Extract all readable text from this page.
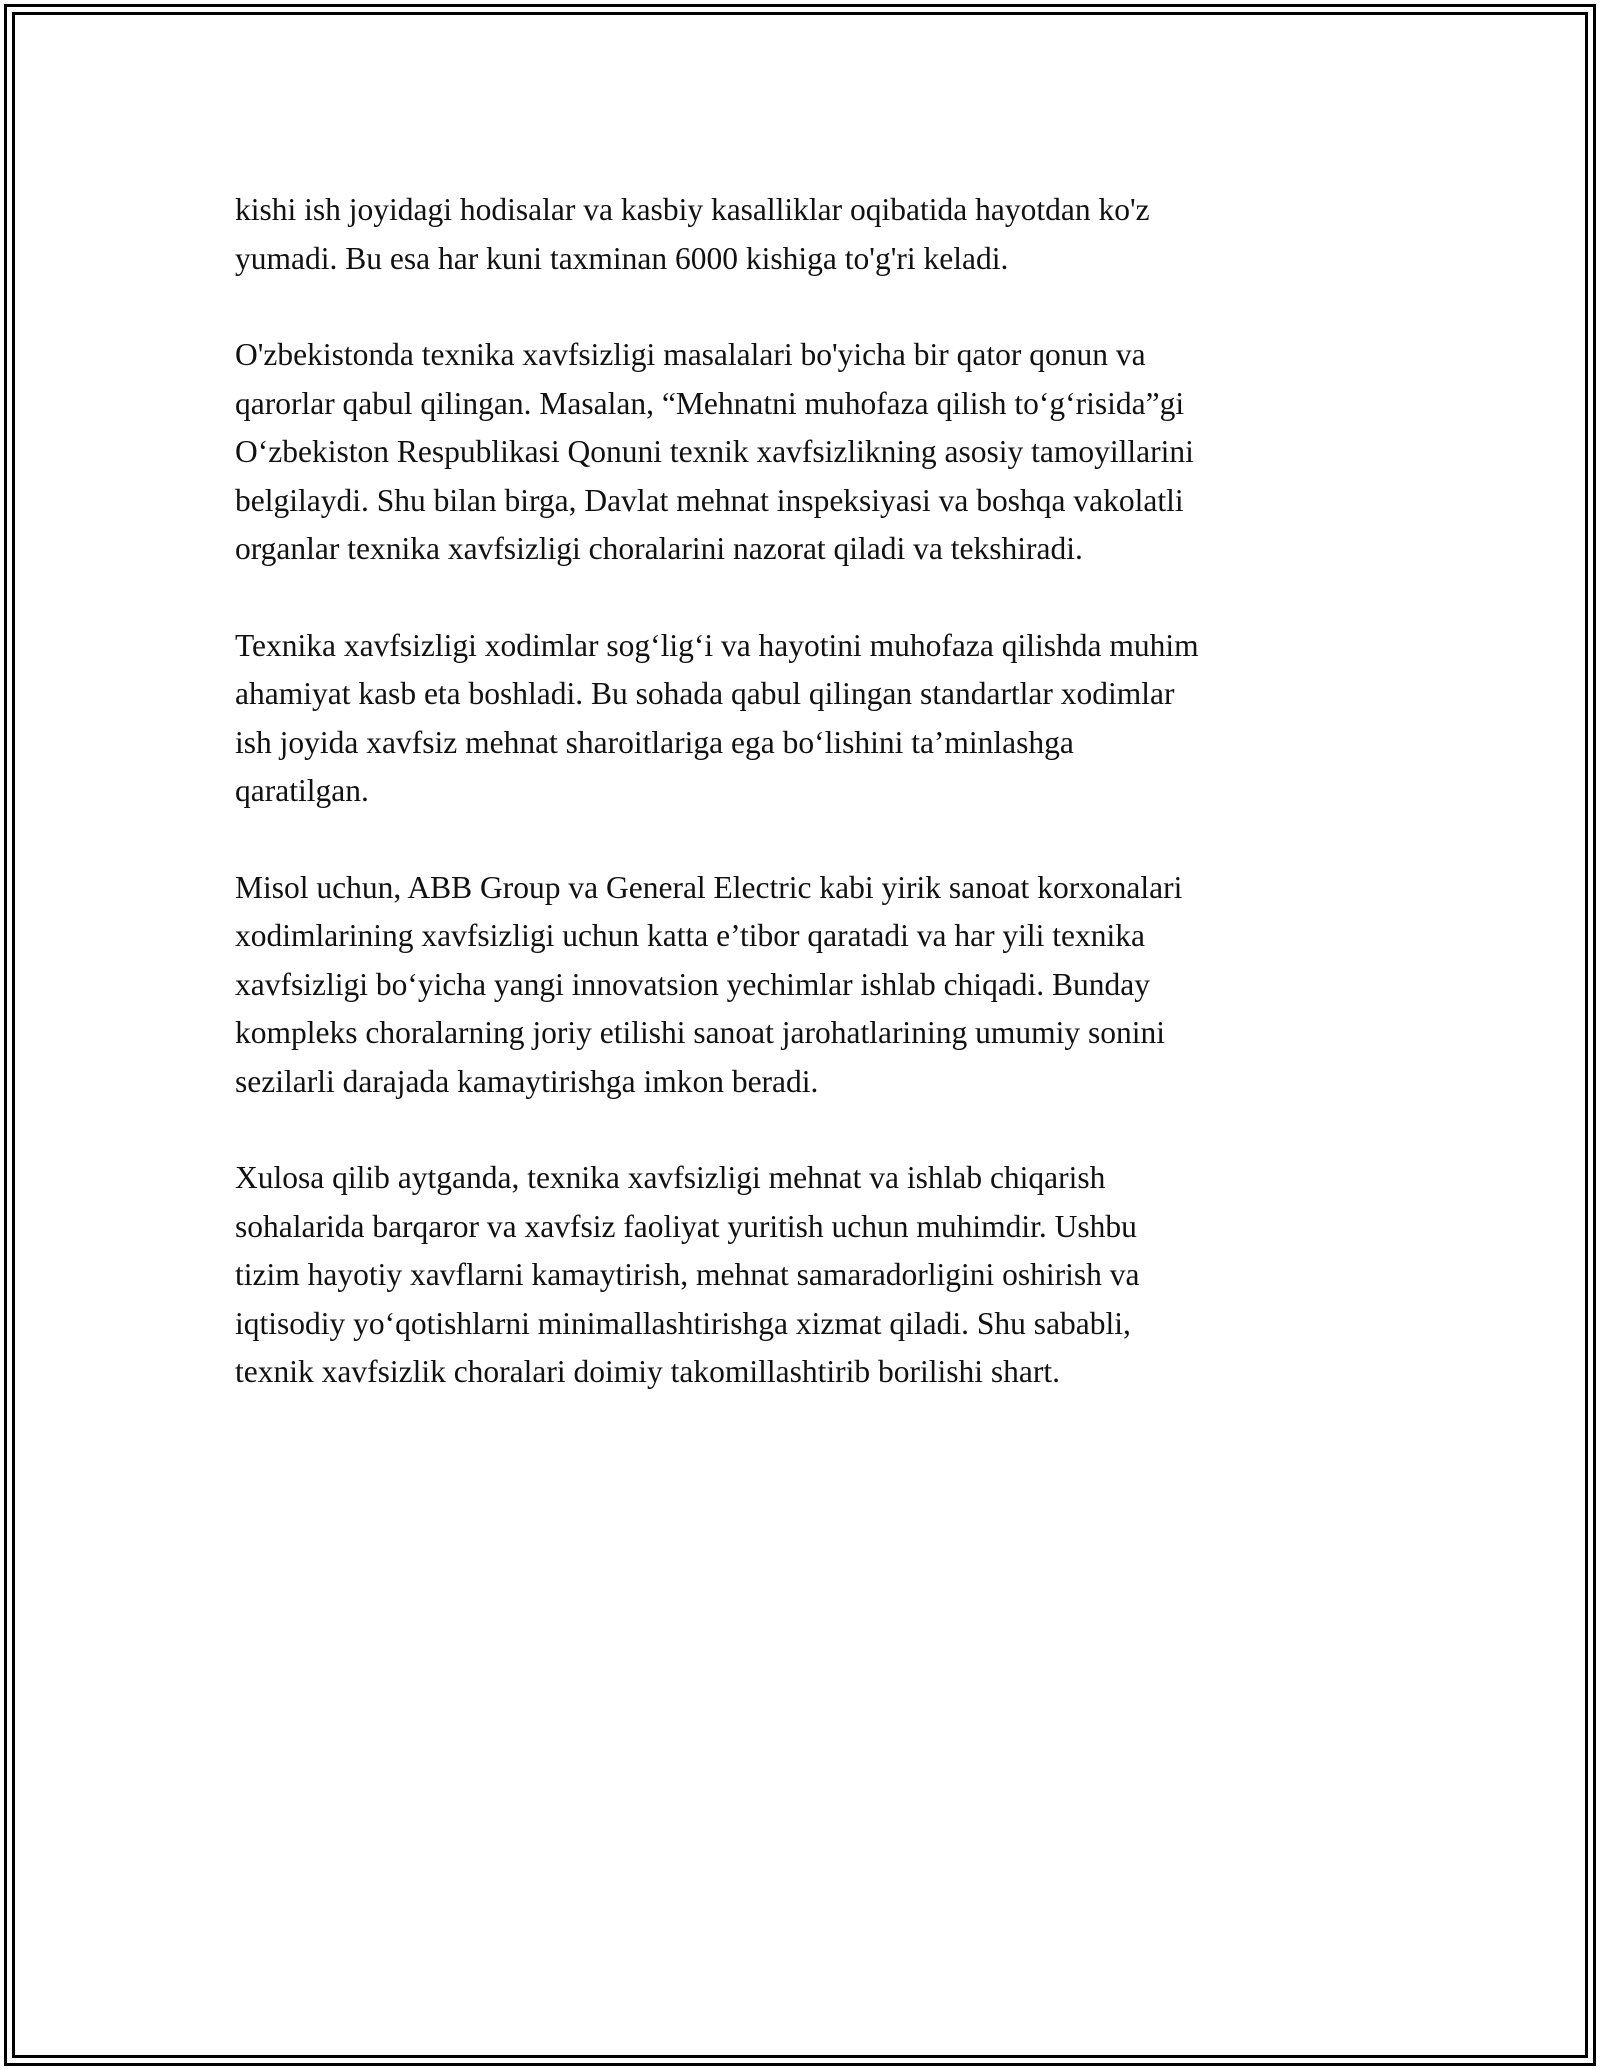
kishi ish joyidagi hodisalar va kasbiy kasalliklar oqibatida hayotdan ko'z
yumadi. Bu esa har kuni taxminan 6000 kishiga to'g'ri keladi.

O'zbekistonda texnika xavfsizligi masalalari bo'yicha bir qator qonun va
qarorlar qabul qilingan. Masalan, “Mehnatni muhofaza qilish to‘g‘risida”gi
O‘zbekiston Respublikasi Qonuni texnik xavfsizlikning asosiy tamoyillarini
belgilaydi. Shu bilan birga, Davlat mehnat inspeksiyasi va boshqa vakolatli
organlar texnika xavfsizligi choralarini nazorat qiladi va tekshiradi.

Texnika xavfsizligi xodimlar sog‘lig‘i va hayotini muhofaza qilishda muhim
ahamiyat kasb eta boshladi. Bu sohada qabul qilingan standartlar xodimlar
ish joyida xavfsiz mehnat sharoitlariga ega bo‘lishini ta’minlashga
qaratilgan.

Misol uchun, ABB Group va General Electric kabi yirik sanoat korxonalari
xodimlarining xavfsizligi uchun katta e’tibor qaratadi va har yili texnika
xavfsizligi bo‘yicha yangi innovatsion yechimlar ishlab chiqadi. Bunday
kompleks choralarning joriy etilishi sanoat jarohatlarining umumiy sonini
sezilarli darajada kamaytirishga imkon beradi.

Xulosa qilib aytganda, texnika xavfsizligi mehnat va ishlab chiqarish
sohalarida barqaror va xavfsiz faoliyat yuritish uchun muhimdir. Ushbu
tizim hayotiy xavflarni kamaytirish, mehnat samaradorligini oshirish va
iqtisodiy yo‘qotishlarni minimallashtirishga xizmat qiladi. Shu sababli,
texnik xavfsizlik choralari doimiy takomillashtirib borilishi shart.
